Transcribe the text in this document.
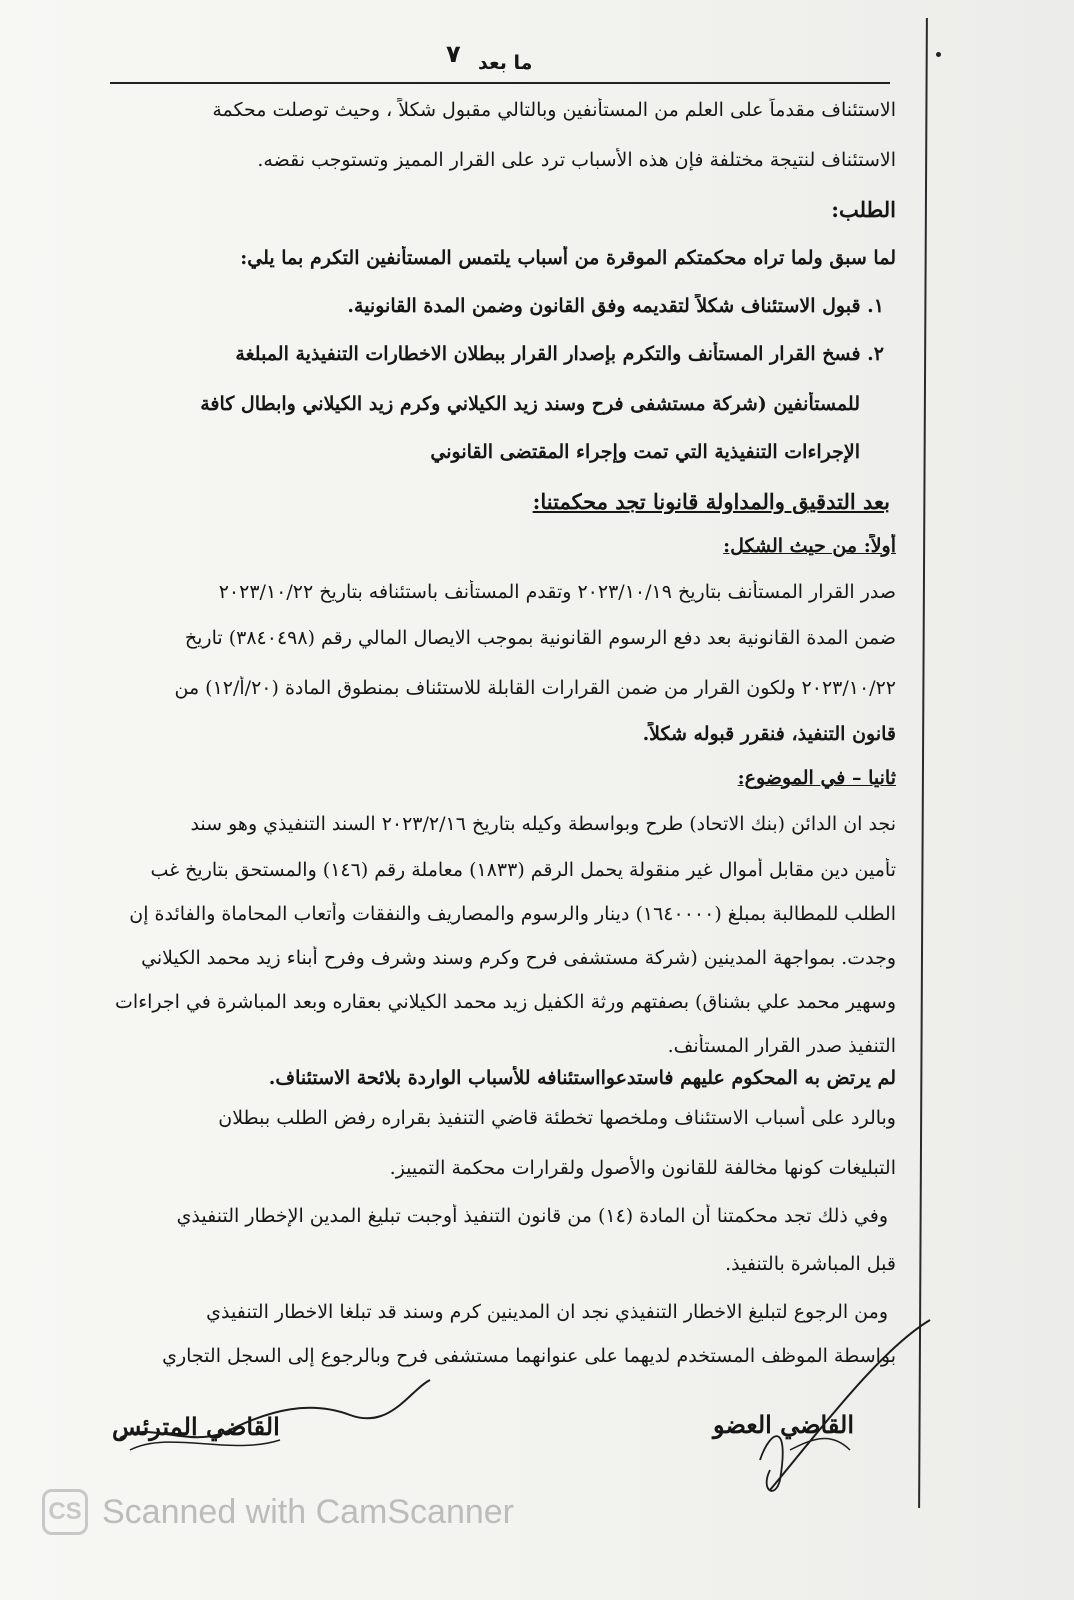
٧ ما بعد
الاستئناف مقدماً على العلم من المستأنفين وبالتالي مقبول شكلاً ، وحيث توصلت محكمة
الاستئناف لنتيجة مختلفة فإن هذه الأسباب ترد على القرار المميز وتستوجب نقضه.
الطلب:
لما سبق ولما تراه محكمتكم الموقرة من أسباب يلتمس المستأنفين التكرم بما يلي:
١. قبول الاستئناف شكلاً لتقديمه وفق القانون وضمن المدة القانونية.
٢. فسخ القرار المستأنف والتكرم بإصدار القرار ببطلان الاخطارات التنفيذية المبلغة
للمستأنفين (شركة مستشفى فرح وسند زيد الكيلاني وكرم زيد الكيلاني وابطال كافة
الإجراءات التنفيذية التي تمت وإجراء المقتضى القانوني
بعد التدقيق والمداولة قانونا تجد محكمتنا:
أولاً: من حيث الشكل:
صدر القرار المستأنف بتاريخ ٢٠٢٣/١٠/١٩ وتقدم المستأنف باستئنافه بتاريخ ٢٠٢٣/١٠/٢٢
ضمن المدة القانونية بعد دفع الرسوم القانونية بموجب الايصال المالي رقم (٣٨٤٠٤٩٨) تاريخ
٢٠٢٣/١٠/٢٢ ولكون القرار من ضمن القرارات القابلة للاستئناف بمنطوق المادة (٢٠/أ/١٢) من
قانون التنفيذ، فنقرر قبوله شكلاً.
ثانيا – في الموضوع:
نجد ان الدائن (بنك الاتحاد) طرح وبواسطة وكيله بتاريخ ٢٠٢٣/٢/١٦ السند التنفيذي وهو سند
تأمين دين مقابل أموال غير منقولة يحمل الرقم (١٨٣٣) معاملة رقم (١٤٦) والمستحق بتاريخ غب
الطلب للمطالبة بمبلغ (١٦٤٠٠٠٠) دينار والرسوم والمصاريف والنفقات وأتعاب المحاماة والفائدة إن
وجدت. بمواجهة المدينين (شركة مستشفى فرح وكرم وسند وشرف وفرح أبناء زيد محمد الكيلاني
وسهير محمد علي بشناق) بصفتهم ورثة الكفيل زيد محمد الكيلاني بعقاره وبعد المباشرة في اجراءات
التنفيذ صدر القرار المستأنف.
لم يرتض به المحكوم عليهم فاستدعوااستئنافه للأسباب الواردة بلائحة الاستئناف.
وبالرد على أسباب الاستئناف وملخصها تخطئة قاضي التنفيذ بقراره رفض الطلب ببطلان
التبليغات كونها مخالفة للقانون والأصول ولقرارات محكمة التمييز.
وفي ذلك تجد محكمتنا أن المادة (١٤) من قانون التنفيذ أوجبت تبليغ المدين الإخطار التنفيذي
قبل المباشرة بالتنفيذ.
ومن الرجوع لتبليغ الاخطار التنفيذي نجد ان المدينين كرم وسند قد تبلغا الاخطار التنفيذي
بواسطة الموظف المستخدم لديهما على عنوانهما مستشفى فرح وبالرجوع إلى السجل التجاري
القاضي المترئس	القاضي العضو
CS Scanned with CamScanner
